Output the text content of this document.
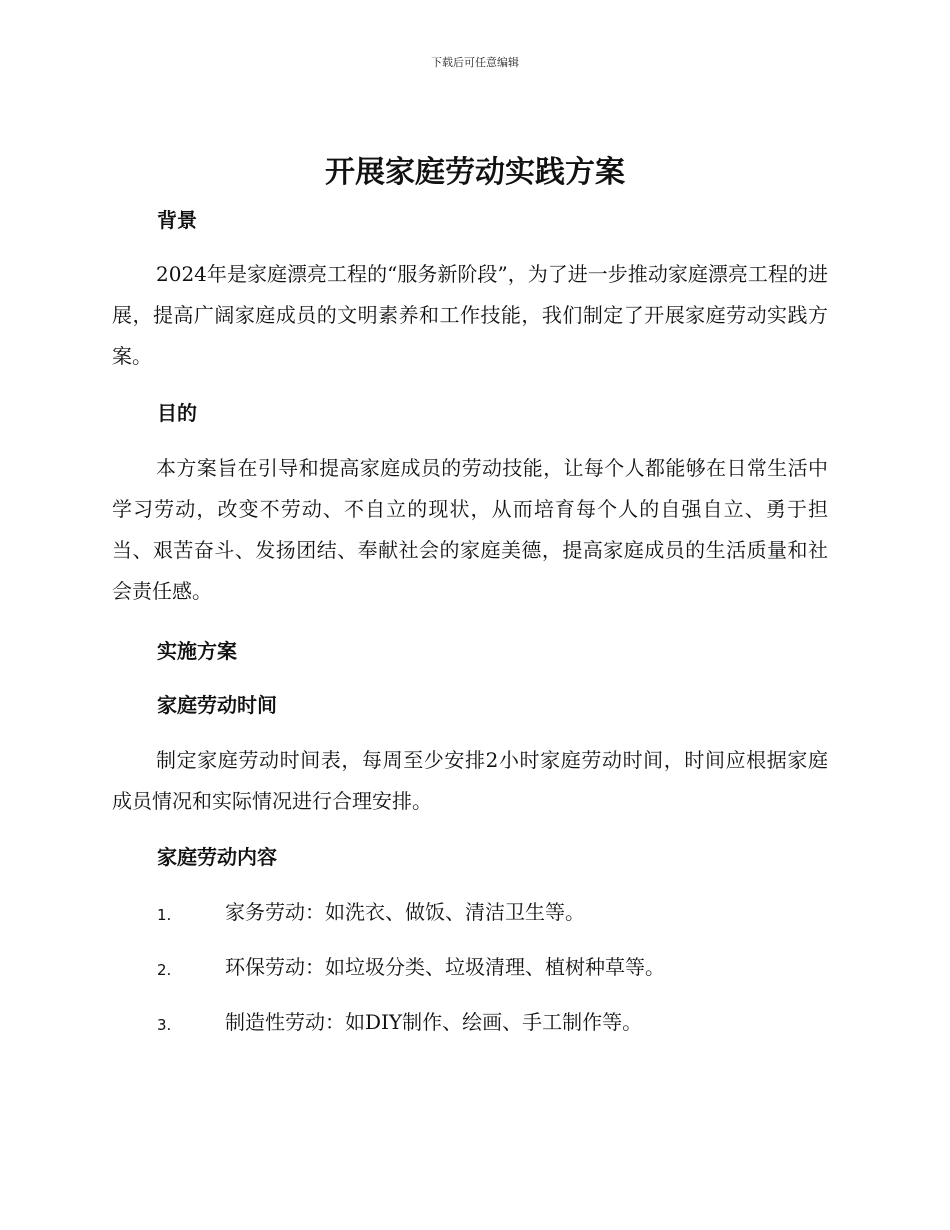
下载后可任意编辑
开展家庭劳动实践方案
背景
2024年是家庭漂亮工程的“服务新阶段”，为了进一步推动家庭漂亮工程的进展，提高广阔家庭成员的文明素养和工作技能，我们制定了开展家庭劳动实践方案。
目的
本方案旨在引导和提高家庭成员的劳动技能，让每个人都能够在日常生活中学习劳动，改变不劳动、不自立的现状，从而培育每个人的自强自立、勇于担当、艰苦奋斗、发扬团结、奉献社会的家庭美德，提高家庭成员的生活质量和社会责任感。
实施方案
家庭劳动时间
制定家庭劳动时间表，每周至少安排2小时家庭劳动时间，时间应根据家庭成员情况和实际情况进行合理安排。
家庭劳动内容
1.	家务劳动：如洗衣、做饭、清洁卫生等。
2.	环保劳动：如垃圾分类、垃圾清理、植树种草等。
3.	制造性劳动：如DIY制作、绘画、手工制作等。
